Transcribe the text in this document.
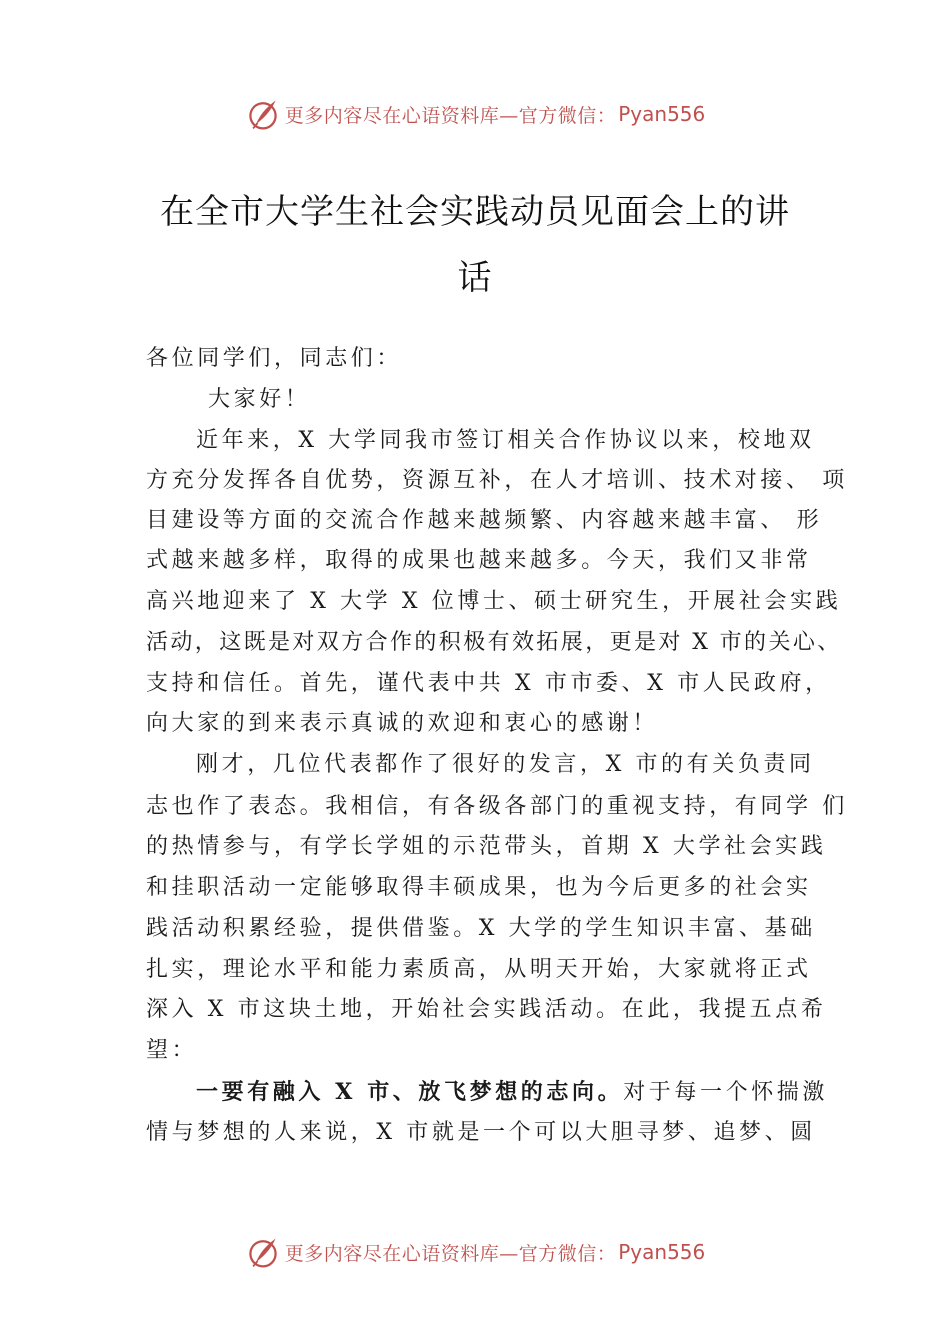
更多内容尽在心语资料库—官方微信： Pyan556
在全市大学生社会实践动员见面会上的讲
话
各位同学们，同志们：
大家好！
近年来，X 大学同我市签订相关合作协议以来，校地双
方充分发挥各自优势，资源互补，在人才培训、技术对接、 项
目建设等方面的交流合作越来越频繁、内容越来越丰富、 形
式越来越多样，取得的成果也越来越多。今天，我们又非常
高兴地迎来了 X 大学 X 位博士、硕士研究生，开展社会实践
活动，这既是对双方合作的积极有效拓展，更是对 X 市的关心、
支持和信任。首先，谨代表中共 X 市市委、X 市人民政府，
向大家的到来表示真诚的欢迎和衷心的感谢！
刚才，几位代表都作了很好的发言，X 市的有关负责同
志也作了表态。我相信，有各级各部门的重视支持，有同学 们
的热情参与，有学长学姐的示范带头，首期 X 大学社会实践
和挂职活动一定能够取得丰硕成果，也为今后更多的社会实
践活动积累经验，提供借鉴。X 大学的学生知识丰富、基础
扎实，理论水平和能力素质高，从明天开始，大家就将正式
深入 X 市这块土地，开始社会实践活动。在此，我提五点希
望：
一要有融入 X 市、放飞梦想的志向。对于每一个怀揣激
情与梦想的人来说，X 市就是一个可以大胆寻梦、追梦、圆
更多内容尽在心语资料库—官方微信： Pyan556
